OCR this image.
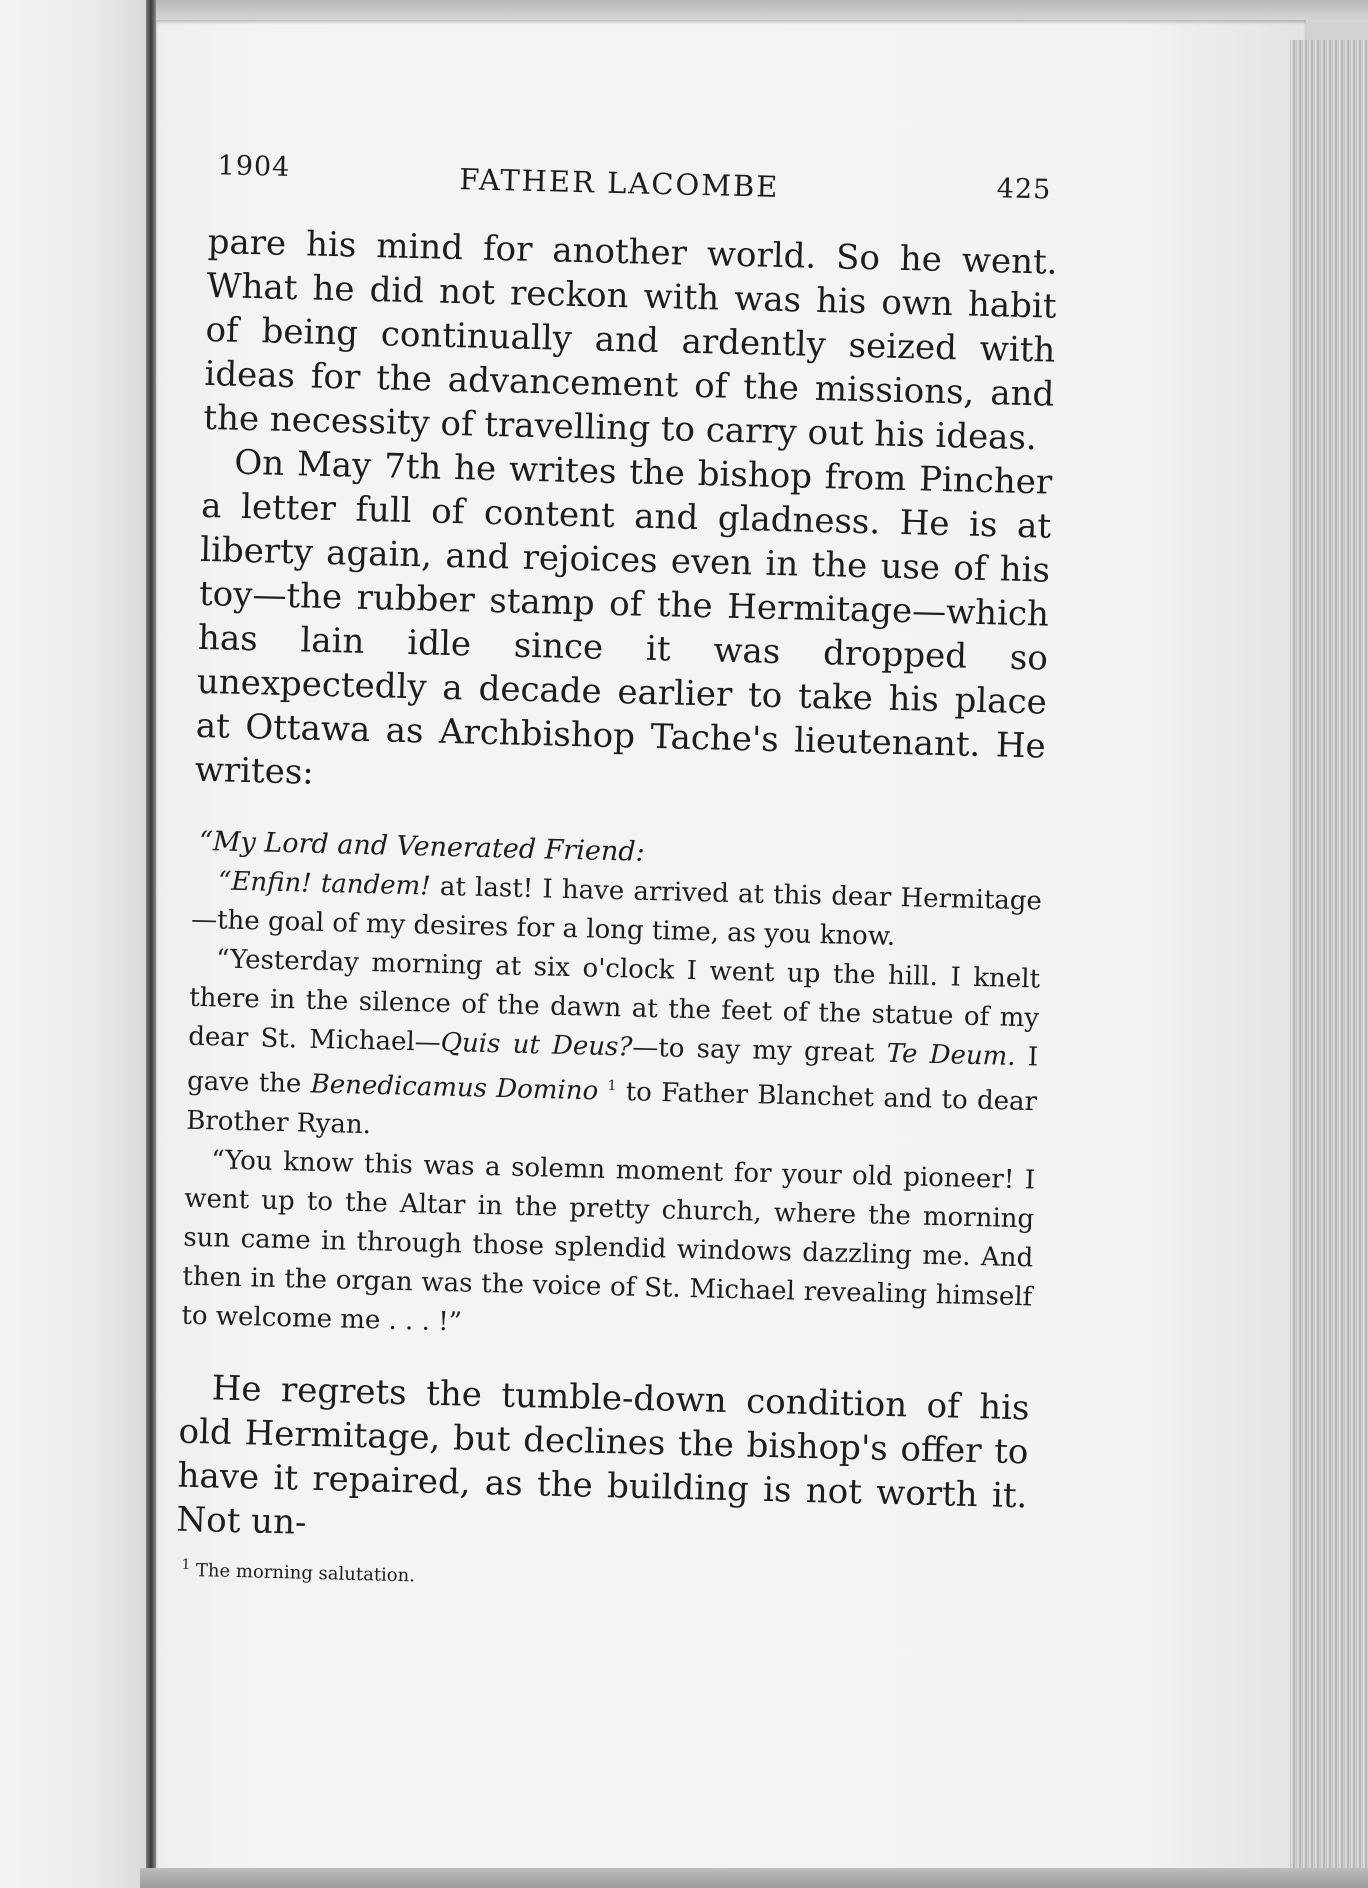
1904	FATHER LACOMBE	425

pare his mind for another world. So he went. What he did not reckon with was his own habit of being continually and ardently seized with ideas for the advancement of the missions, and the necessity of travelling to carry out his ideas.

On May 7th he writes the bishop from Pincher a letter full of content and gladness. He is at liberty again, and rejoices even in the use of his toy—the rubber stamp of the Hermitage—which has lain idle since it was dropped so unexpectedly a decade earlier to take his place at Ottawa as Archbishop Tache's lieutenant. He writes:

“My Lord and Venerated Friend:

“Enfin! tandem! at last! I have arrived at this dear Hermitage—the goal of my desires for a long time, as you know.

“Yesterday morning at six o'clock I went up the hill. I knelt there in the silence of the dawn at the feet of the statue of my dear St. Michael—Quis ut Deus?—to say my great Te Deum. I gave the Benedicamus Domino $^1$ to Father Blanchet and to dear Brother Ryan.

“You know this was a solemn moment for your old pioneer! I went up to the Altar in the pretty church, where the morning sun came in through those splendid windows dazzling me. And then in the organ was the voice of St. Michael revealing himself to welcome me . . . !”

He regrets the tumble-down condition of his old Hermitage, but declines the bishop's offer to have it repaired, as the building is not worth it. Not un-

$^1$ The morning salutation.
